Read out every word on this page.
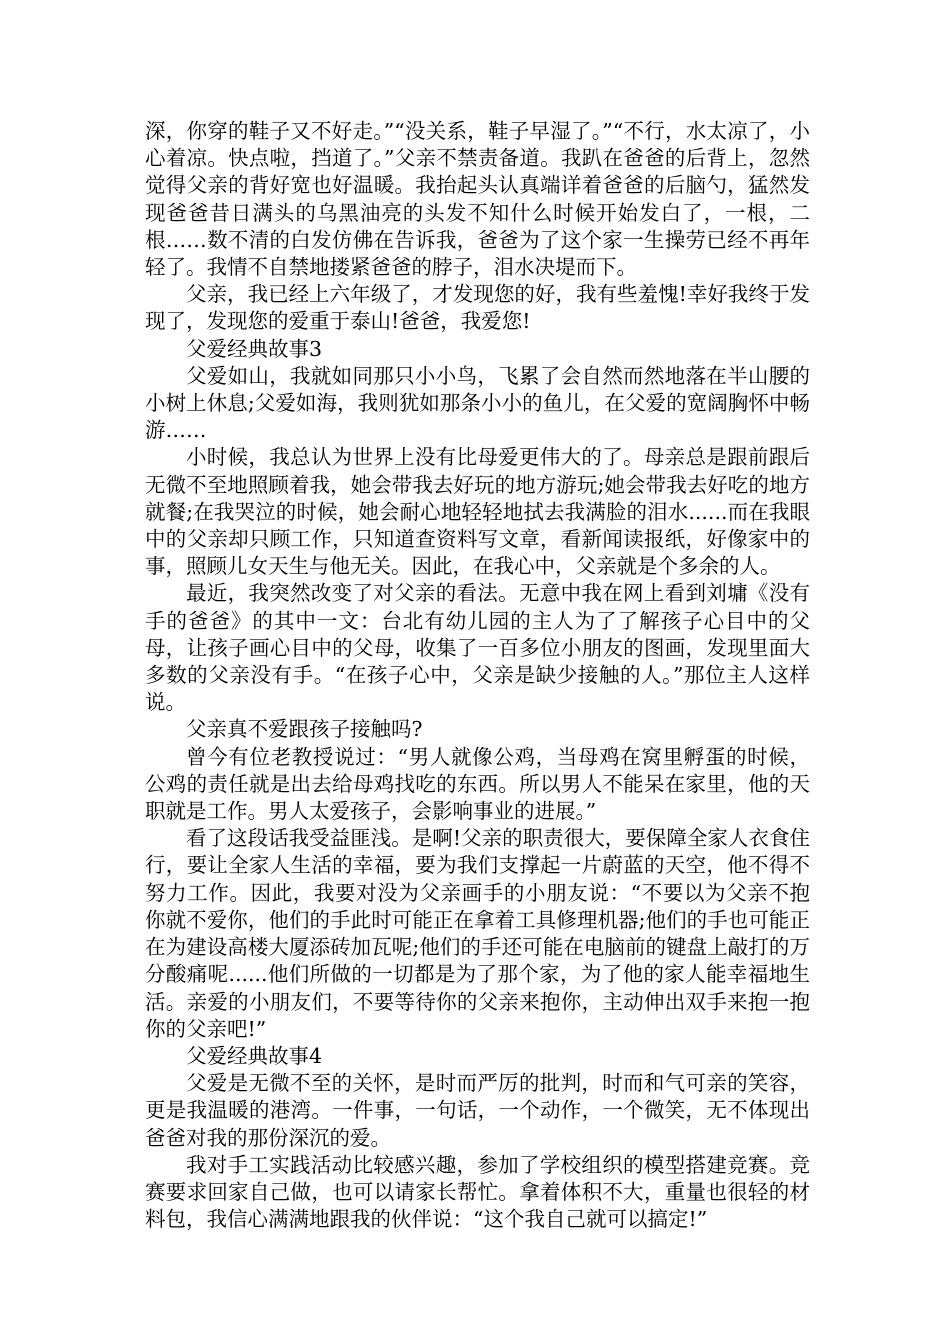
深，你穿的鞋子又不好走。”“没关系，鞋子早湿了。”“不行，水太凉了，小心着凉。快点啦，挡道了。”父亲不禁责备道。我趴在爸爸的后背上，忽然觉得父亲的背好宽也好温暖。我抬起头认真端详着爸爸的后脑勺，猛然发现爸爸昔日满头的乌黑油亮的头发不知什么时候开始发白了，一根，二根……数不清的白发仿佛在告诉我，爸爸为了这个家一生操劳已经不再年轻了。我情不自禁地搂紧爸爸的脖子，泪水决堤而下。

父亲，我已经上六年级了，才发现您的好，我有些羞愧!幸好我终于发现了，发现您的爱重于泰山!爸爸，我爱您!

父爱经典故事3

父爱如山，我就如同那只小小鸟，飞累了会自然而然地落在半山腰的小树上休息;父爱如海，我则犹如那条小小的鱼儿，在父爱的宽阔胸怀中畅游……

小时候，我总认为世界上没有比母爱更伟大的了。母亲总是跟前跟后无微不至地照顾着我，她会带我去好玩的地方游玩;她会带我去好吃的地方就餐;在我哭泣的时候，她会耐心地轻轻地拭去我满脸的泪水......而在我眼中的父亲却只顾工作，只知道查资料写文章，看新闻读报纸，好像家中的事，照顾儿女天生与他无关。因此，在我心中，父亲就是个多余的人。

最近，我突然改变了对父亲的看法。无意中我在网上看到刘墉《没有手的爸爸》的其中一文：台北有幼儿园的主人为了了解孩子心目中的父母，让孩子画心目中的父母，收集了一百多位小朋友的图画，发现里面大多数的父亲没有手。“在孩子心中，父亲是缺少接触的人。”那位主人这样说。

父亲真不爱跟孩子接触吗?

曾今有位老教授说过：“男人就像公鸡，当母鸡在窝里孵蛋的时候，公鸡的责任就是出去给母鸡找吃的东西。所以男人不能呆在家里，他的天职就是工作。男人太爱孩子，会影响事业的进展。”

看了这段话我受益匪浅。是啊!父亲的职责很大，要保障全家人衣食住行，要让全家人生活的幸福，要为我们支撑起一片蔚蓝的天空，他不得不努力工作。因此，我要对没为父亲画手的小朋友说：“不要以为父亲不抱你就不爱你，他们的手此时可能正在拿着工具修理机器;他们的手也可能正在为建设高楼大厦添砖加瓦呢;他们的手还可能在电脑前的键盘上敲打的万分酸痛呢......他们所做的一切都是为了那个家，为了他的家人能幸福地生活。亲爱的小朋友们，不要等待你的父亲来抱你，主动伸出双手来抱一抱你的父亲吧!”

父爱经典故事4

父爱是无微不至的关怀，是时而严厉的批判，时而和气可亲的笑容，更是我温暖的港湾。一件事，一句话，一个动作，一个微笑，无不体现出爸爸对我的那份深沉的爱。

我对手工实践活动比较感兴趣，参加了学校组织的模型搭建竞赛。竞赛要求回家自己做，也可以请家长帮忙。拿着体积不大，重量也很轻的材料包，我信心满满地跟我的伙伴说：“这个我自己就可以搞定!”
